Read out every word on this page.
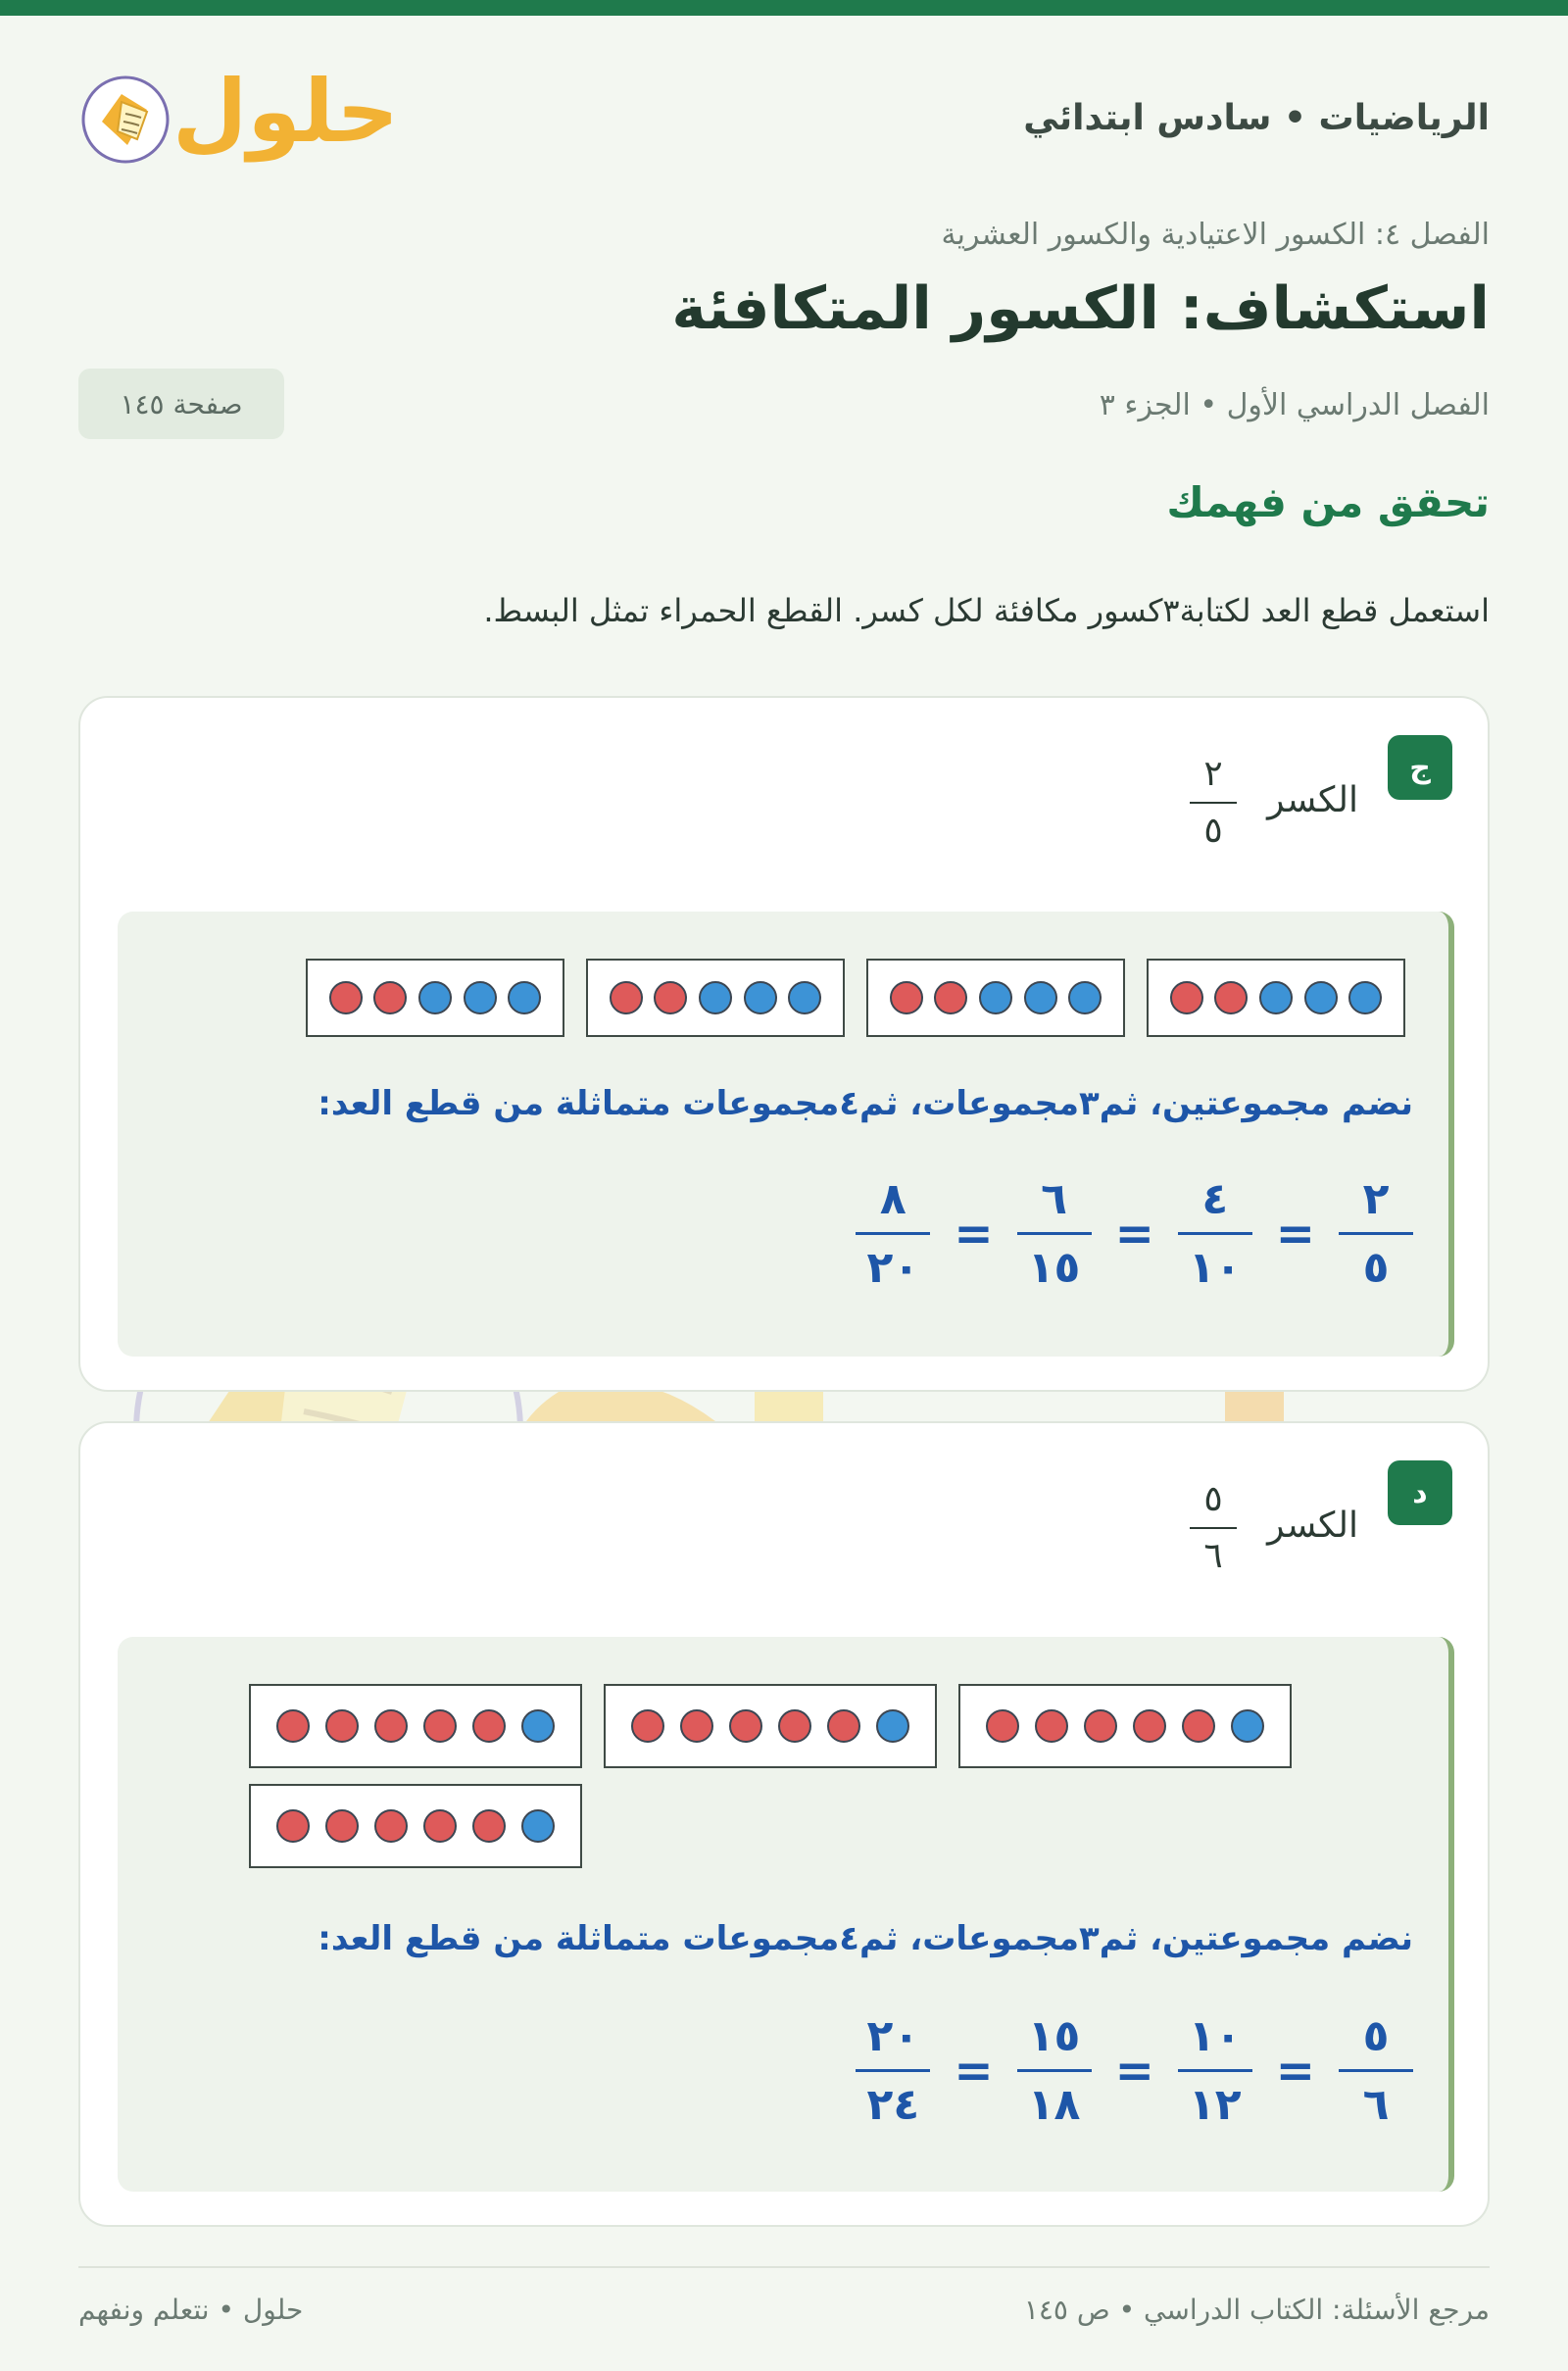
الرياضيات • سادس ابتدائي
حلول
الفصل ٤: الكسور الاعتيادية والكسور العشرية
استكشاف: الكسور المتكافئة
الفصل الدراسي الأول • الجزء ٣
صفحة ١٤٥
تحقق من فهمك
استعمل قطع العد لكتابة٣كسور مكافئة لكل كسر. القطع الحمراء تمثل البسط.
ج
الكسر
٢
٥
نضم مجموعتين، ثم٣مجموعات، ثم٤مجموعات متماثلة من قطع العد:
٢
٥
=
٤
١٠
=
٦
١٥
=
٨
٢٠
د
الكسر
٥
٦
نضم مجموعتين، ثم٣مجموعات، ثم٤مجموعات متماثلة من قطع العد:
٥
٦
=
١٠
١٢
=
١٥
١٨
=
٢٠
٢٤
مرجع الأسئلة: الكتاب الدراسي • ص ١٤٥
حلول • نتعلم ونفهم
